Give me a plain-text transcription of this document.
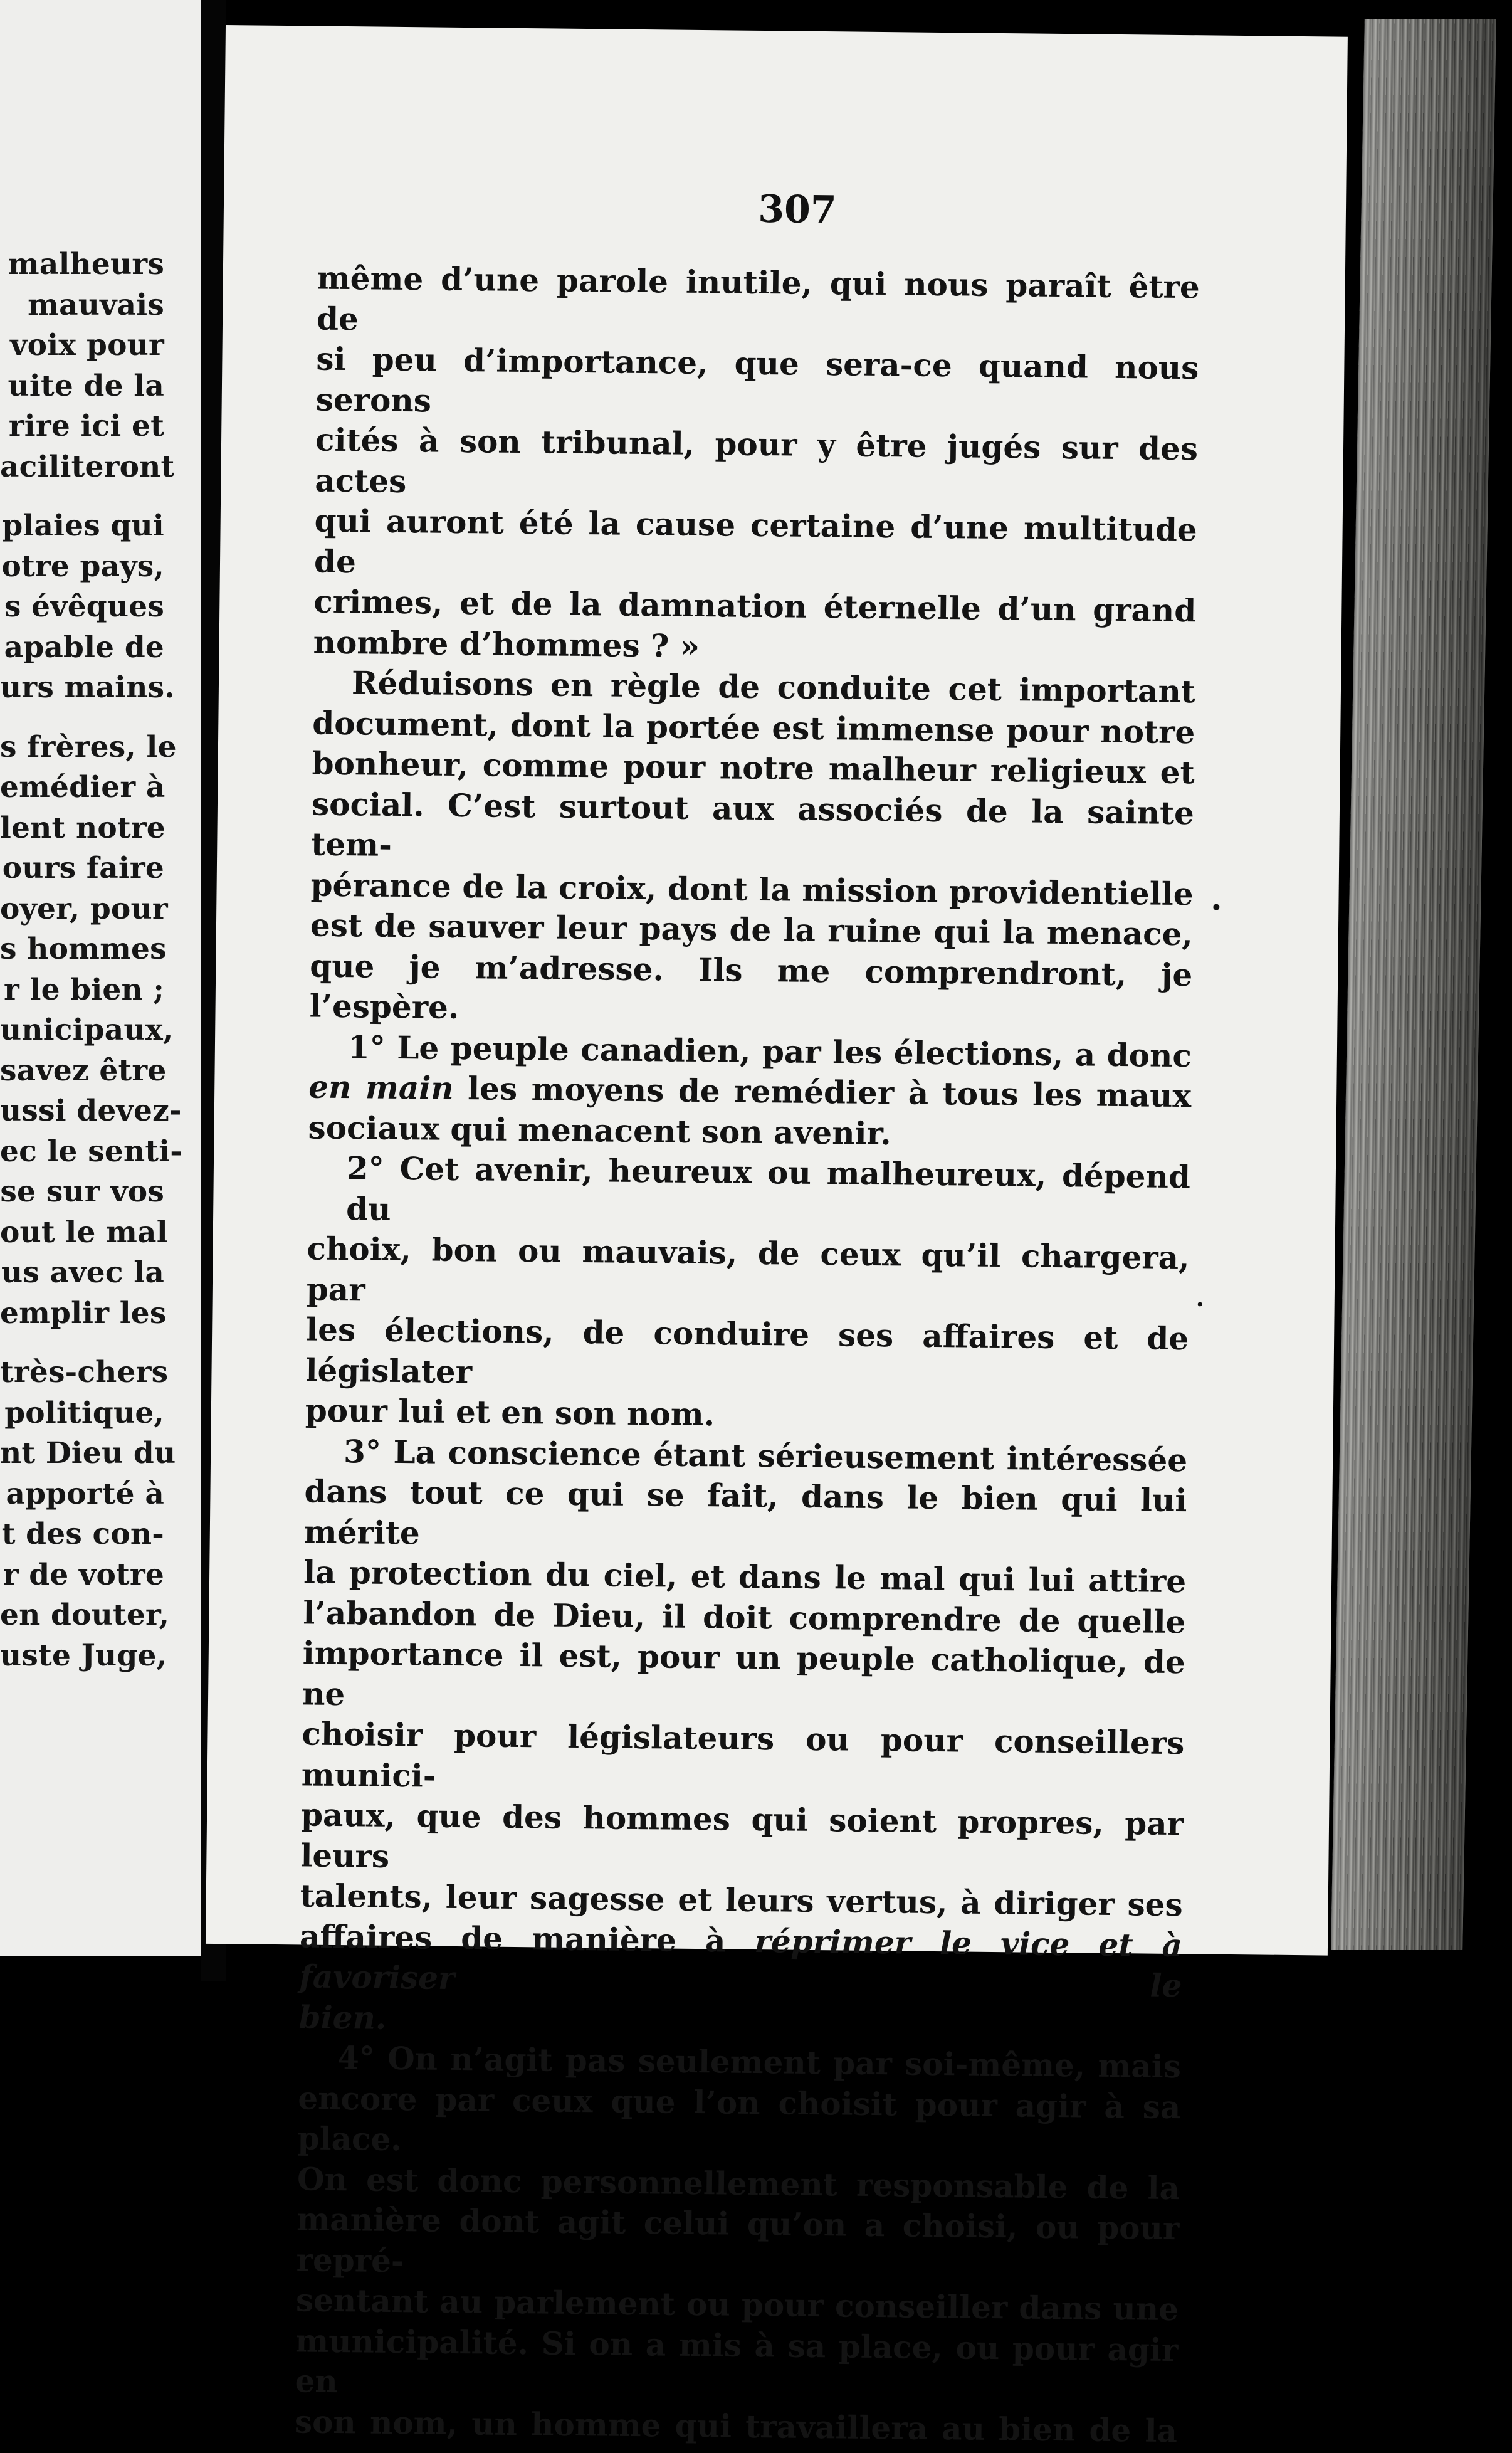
malheurs
mauvais
voix pour
uite de la
rire ici et
aciliteront

plaies qui
otre pays,
s évêques
apable de
urs mains.

s frères, le
emédier à
lent notre
ours faire
oyer, pour
s hommes
r le bien ;
unicipaux,
savez être
ussi devez-
ec le senti-
se sur vos
out le mal
us avec la
emplir les

très-chers
politique,
nt Dieu du
apporté à
t des con-
r de votre
en douter,
uste Juge,
307

même d’une parole inutile, qui nous paraît être de

si peu d’importance, que sera-ce quand nous serons

cités à son tribunal, pour y être jugés sur des actes

qui auront été la cause certaine d’une multitude de

crimes, et de la damnation éternelle d’un grand

nombre d’hommes ? »

Réduisons en règle de conduite cet important

document, dont la portée est immense pour notre

bonheur, comme pour notre malheur religieux et

social. C’est surtout aux associés de la sainte tem-

pérance de la croix, dont la mission providentielle

est de sauver leur pays de la ruine qui la menace,

que je m’adresse. Ils me comprendront, je l’espère.

1° Le peuple canadien, par les élections, a donc

en main les moyens de remédier à tous les maux

sociaux qui menacent son avenir.

2° Cet avenir, heureux ou malheureux, dépend du

choix, bon ou mauvais, de ceux qu’il chargera, par

les élections, de conduire ses affaires et de législater

pour lui et en son nom.

3° La conscience étant sérieusement intéressée

dans tout ce qui se fait, dans le bien qui lui mérite

la protection du ciel, et dans le mal qui lui attire

l’abandon de Dieu, il doit comprendre de quelle

importance il est, pour un peuple catholique, de ne

choisir pour législateurs ou pour conseillers munici-

paux, que des hommes qui soient propres, par leurs

talents, leur sagesse et leurs vertus, à diriger ses

affaires de manière à réprimer le vice et à favoriser le

bien.

4° On n’agit pas seulement par soi-même, mais

encore par ceux que l’on choisit pour agir à sa place.

On est donc personnellement responsable de la

manière dont agit celui qu’on a choisi, ou pour repré-

sentant au parlement ou pour conseiller dans une

municipalité. Si on a mis à sa place, ou pour agir en

son nom, un homme qui travaillera au bien de la
